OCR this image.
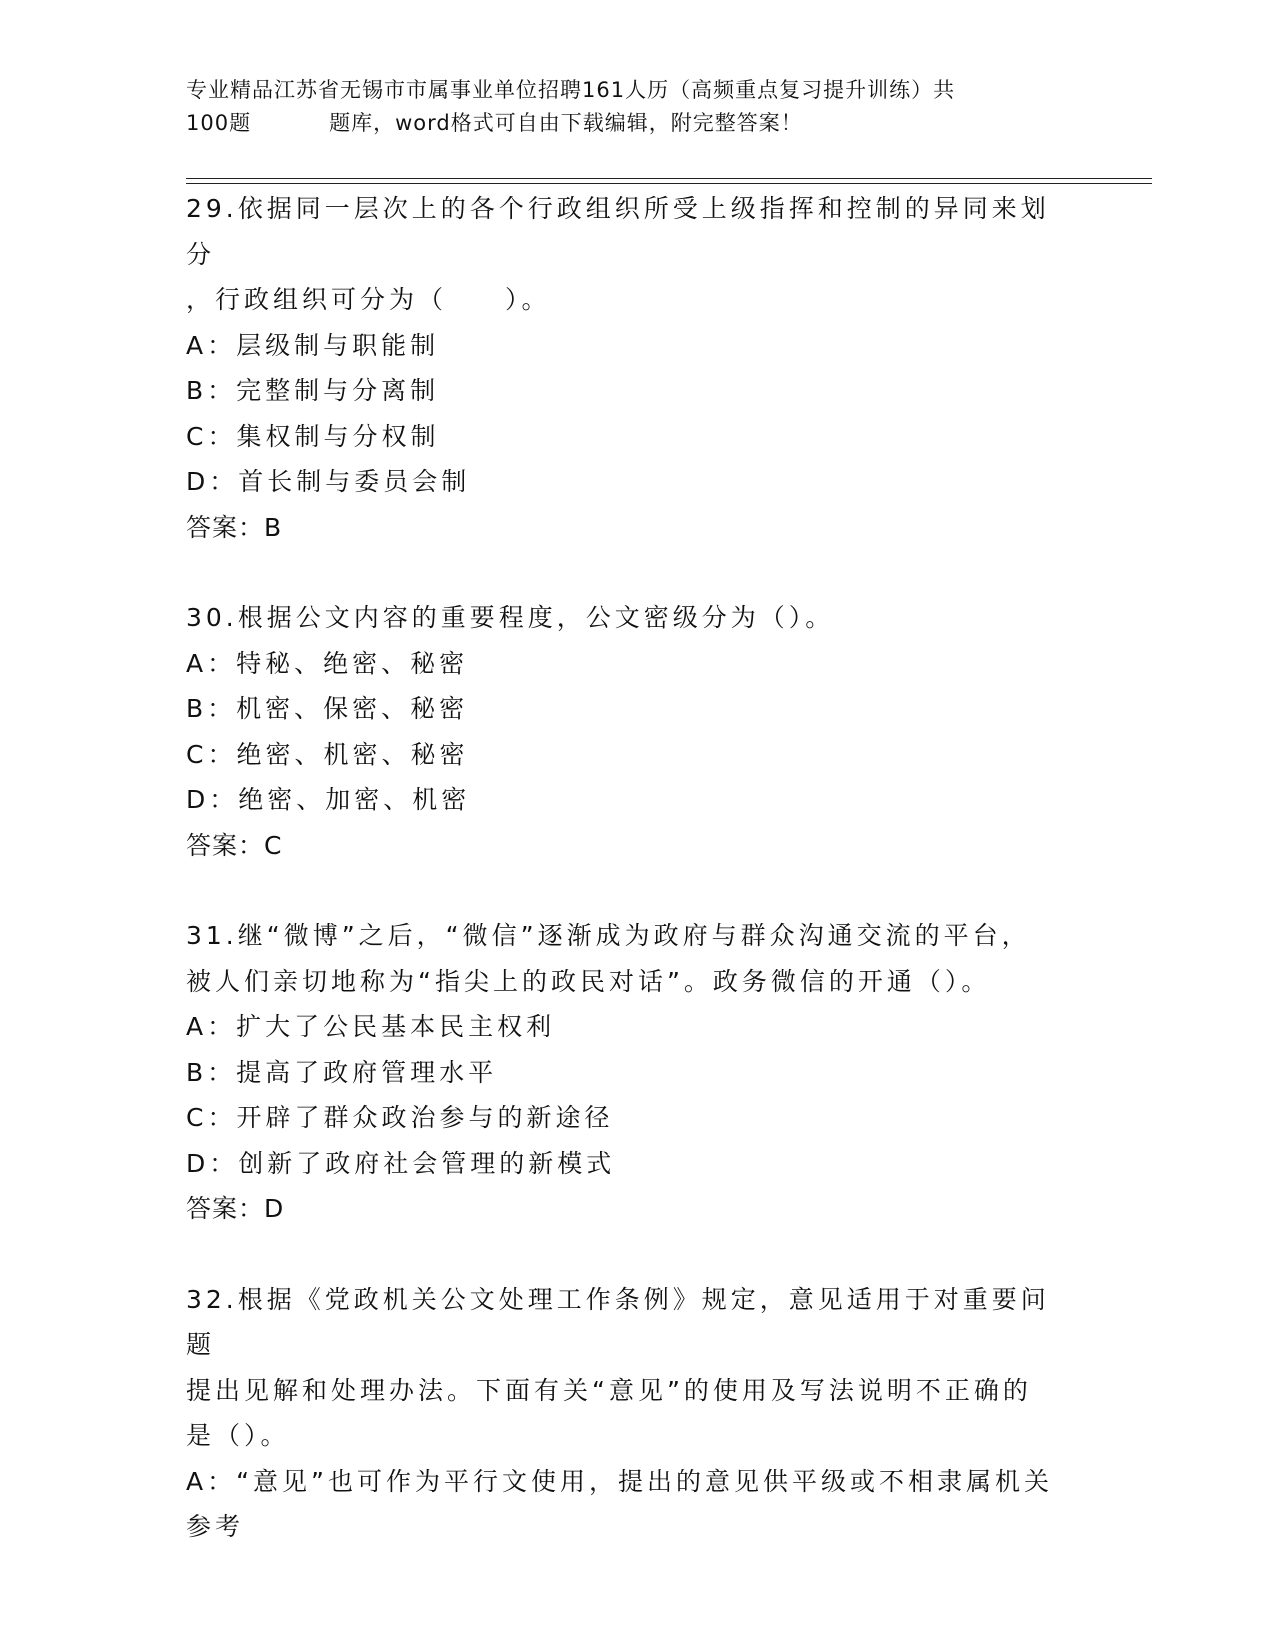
专业精品江苏省无锡市市属事业单位招聘161人历（高频重点复习提升训练）共
100题	题库，word格式可自由下载编辑，附完整答案！
29.依据同一层次上的各个行政组织所受上级指挥和控制的异同来划分
，行政组织可分为（　　）。
A：层级制与职能制
B：完整制与分离制
C：集权制与分权制
D：首长制与委员会制
答案：B
30.根据公文内容的重要程度，公文密级分为（）。
A：特秘、绝密、秘密
B：机密、保密、秘密
C：绝密、机密、秘密
D：绝密、加密、机密
答案：C
31.继“微博”之后，“微信”逐渐成为政府与群众沟通交流的平台，
被人们亲切地称为“指尖上的政民对话”。政务微信的开通（）。
A：扩大了公民基本民主权利
B：提高了政府管理水平
C：开辟了群众政治参与的新途径
D：创新了政府社会管理的新模式
答案：D
32.根据《党政机关公文处理工作条例》规定，意见适用于对重要问题
提出见解和处理办法。下面有关“意见”的使用及写法说明不正确的
是（）。
A：“意见”也可作为平行文使用，提出的意见供平级或不相隶属机关
参考
